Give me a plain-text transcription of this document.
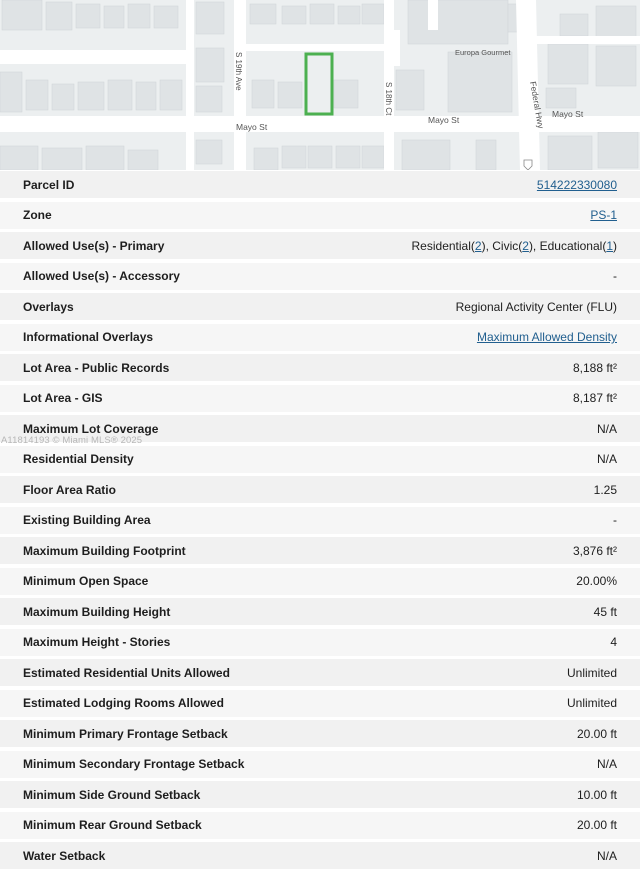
S 19th Ave
S 18th Ct
Mayo St
Mayo St
Mayo St
Federal Hwy
Europa Gourmet
Parcel ID	514222330080
Zone	PS-1
Allowed Use(s) - Primary	Residential(2), Civic(2), Educational(1)
Allowed Use(s) - Accessory	-
Overlays	Regional Activity Center (FLU)
Informational Overlays	Maximum Allowed Density
Lot Area - Public Records	8,188 ft²
Lot Area - GIS	8,187 ft²
Maximum Lot Coverage	N/A
Residential Density	N/A
Floor Area Ratio	1.25
Existing Building Area	-
Maximum Building Footprint	3,876 ft²
Minimum Open Space	20.00%
Maximum Building Height	45 ft
Maximum Height - Stories	4
Estimated Residential Units Allowed	Unlimited
Estimated Lodging Rooms Allowed	Unlimited
Minimum Primary Frontage Setback	20.00 ft
Minimum Secondary Frontage Setback	N/A
Minimum Side Ground Setback	10.00 ft
Minimum Rear Ground Setback	20.00 ft
Water Setback	N/A
A11814193 © Miami MLS® 2025
